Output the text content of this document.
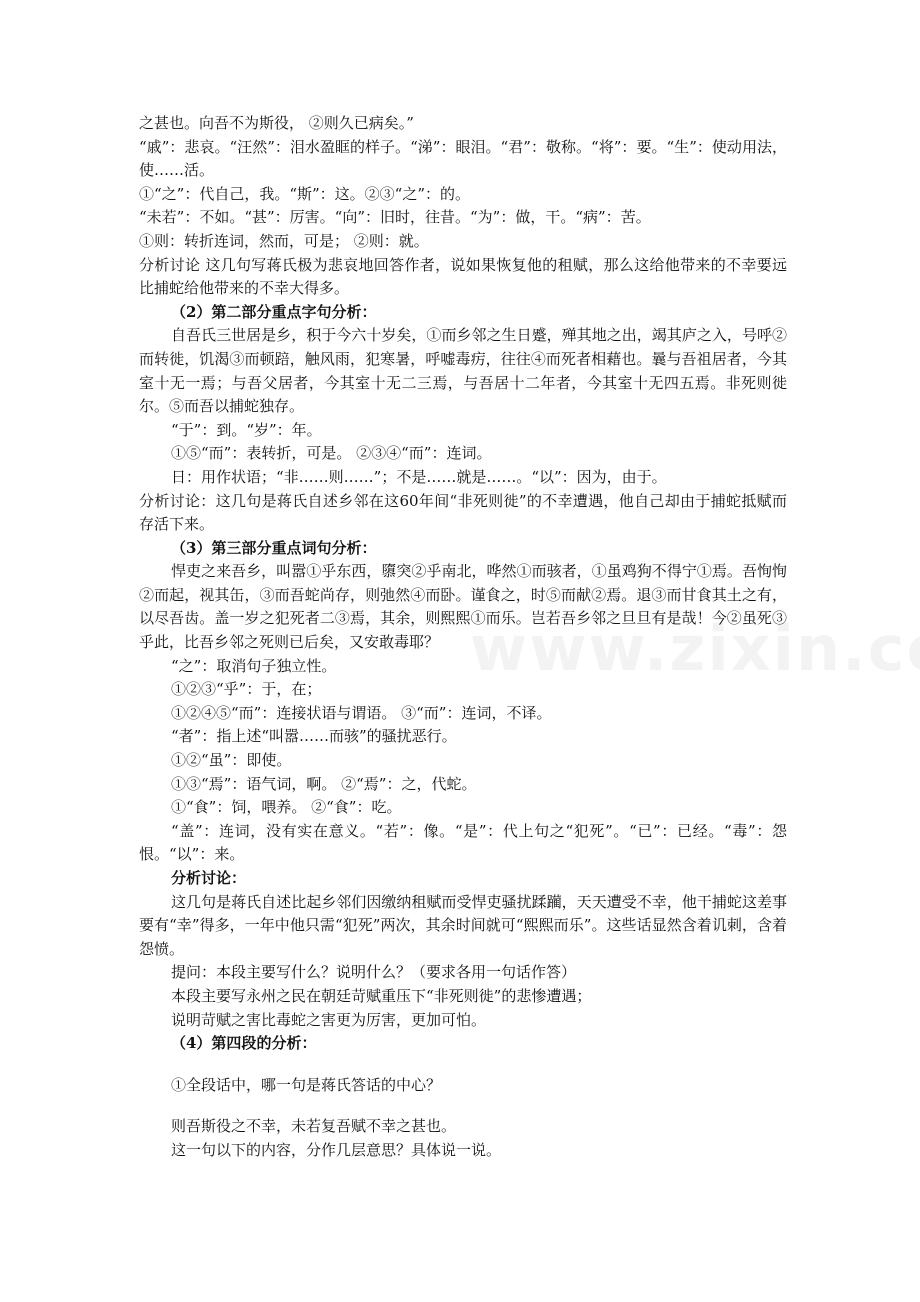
之甚也。向吾不为斯役， ②则久已病矣。”

“戚”：悲哀。“汪然”：泪水盈眶的样子。“涕”：眼泪。“君”：敬称。“将”：要。“生”：使动用法，使……活。

①“之”：代自己，我。“斯”：这。②③“之”：的。

“未若”：不如。“甚”：厉害。“向”：旧时，往昔。“为”：做，干。“病”：苦。

①则：转折连词，然而，可是； ②则：就。

分析讨论 这几句写蒋氏极为悲哀地回答作者，说如果恢复他的租赋，那么这给他带来的不幸要远比捕蛇给他带来的不幸大得多。

（2）第二部分重点字句分析：

自吾氏三世居是乡，积于今六十岁矣，①而乡邻之生日蹙，殚其地之出，竭其庐之入，号呼②而转徙，饥渴③而顿踣，触风雨，犯寒暑，呼嘘毒疠，往往④而死者相藉也。曩与吾祖居者，今其室十无一焉；与吾父居者，今其室十无二三焉，与吾居十二年者，今其室十无四五焉。非死则徙尔。⑤而吾以捕蛇独存。

“于”：到。“岁”：年。

①⑤“而”：表转折，可是。 ②③④“而”：连词。

日：用作状语；“非……则……”；不是……就是……。“以”：因为，由于。

分析讨论：这几句是蒋氏自述乡邻在这60年间“非死则徙”的不幸遭遇，他自己却由于捕蛇抵赋而存活下来。

（3）第三部分重点词句分析：

悍吏之来吾乡，叫嚣①乎东西，隳突②乎南北，哗然①而骇者，①虽鸡狗不得宁①焉。吾恂恂②而起，视其缶，③而吾蛇尚存，则弛然④而卧。谨食之，时⑤而献②焉。退③而甘食其土之有，以尽吾齿。盖一岁之犯死者二③焉，其余，则熙熙①而乐。岂若吾乡邻之旦旦有是哉！今②虽死③乎此，比吾乡邻之死则已后矣，又安敢毒耶？

“之”：取消句子独立性。

①②③“乎”：于，在；

①②④⑤“而”：连接状语与谓语。 ③“而”：连词，不译。

“者”：指上述“叫嚣……而骇”的骚扰恶行。

①②“虽”：即使。

①③“焉”：语气词，啊。 ②“焉”：之，代蛇。

①“食”：饲，喂养。 ②“食”：吃。

“盖”：连词，没有实在意义。“若”：像。“是”：代上句之“犯死”。“已”：已经。“毒”：怨恨。“以”：来。

分析讨论：

这几句是蒋氏自述比起乡邻们因缴纳租赋而受悍吏骚扰蹂躏，天天遭受不幸，他干捕蛇这差事要有“幸”得多，一年中他只需“犯死”两次，其余时间就可“熙熙而乐”。这些话显然含着讥刺，含着怨愤。

提问：本段主要写什么？说明什么？（要求各用一句话作答）

本段主要写永州之民在朝廷苛赋重压下“非死则徙”的悲惨遭遇；

说明苛赋之害比毒蛇之害更为厉害，更加可怕。

（4）第四段的分析：

①全段话中，哪一句是蒋氏答话的中心？

则吾斯役之不幸，未若复吾赋不幸之甚也。

这一句以下的内容，分作几层意思？具体说一说。
